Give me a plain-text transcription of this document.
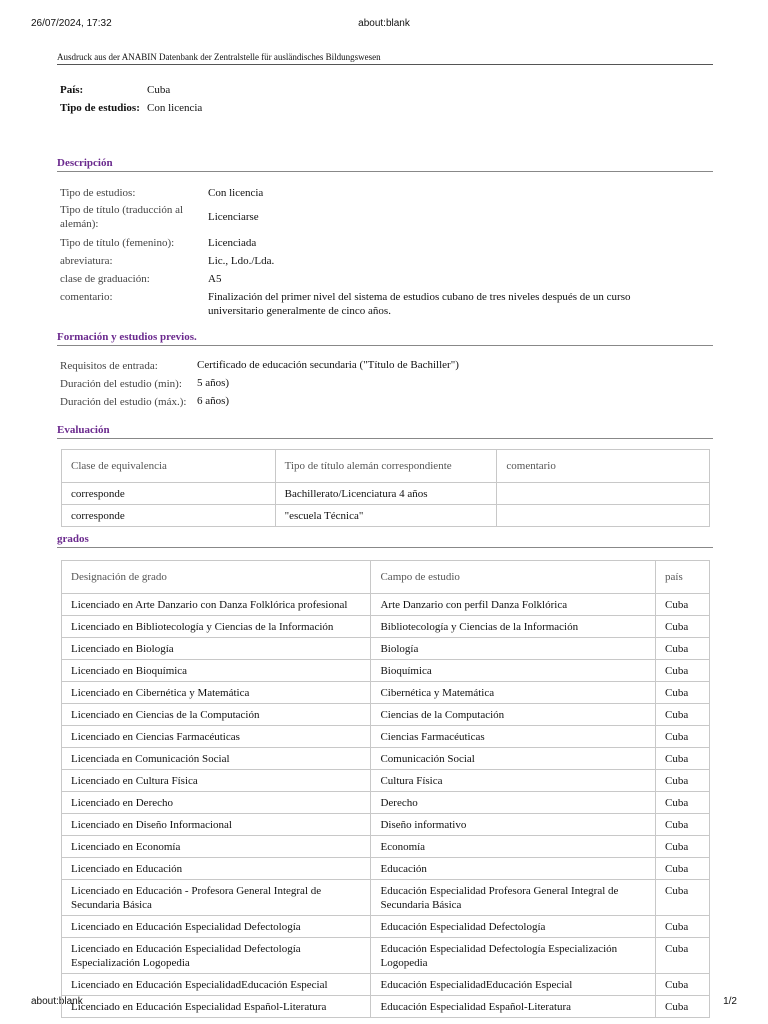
26/07/2024, 17:32	about:blank
about:blank	1/2
Ausdruck aus der ANABIN Datenbank der Zentralstelle für ausländisches Bildungswesen
País:	Cuba
Tipo de estudios: Con licencia
Descripción
Tipo de estudios:	Con licencia
Tipo de título (traducción al alemán):
Licenciarse
Tipo de título (femenino):	Licenciada
abreviatura:	Lic., Ldo./Lda.
clase de graduación:	A5
comentario:	Finalización del primer nivel del sistema de estudios cubano de tres niveles después de un curso universitario generalmente de cinco años.
Formación y estudios previos.
Requisitos de entrada:	Certificado de educación secundaria ("Título de Bachiller")
Duración del estudio (min): 5 años)
Duración del estudio (máx.): 6 años)
Evaluación
Clase de equivalencia	Tipo de título alemán correspondiente	comentario
corresponde	Bachillerato/Licenciatura 4 años	
corresponde	"escuela Técnica"	
grados
Designación de grado	Campo de estudio	país
Licenciado en Arte Danzario con Danza Folklórica profesional	Arte Danzario con perfil Danza Folklórica	Cuba
Licenciado en Bibliotecología y Ciencias de la Información	Bibliotecología y Ciencias de la Información	Cuba
Licenciado en Biología	Biología	Cuba
Licenciado en Bioquímica	Bioquímica	Cuba
Licenciado en Cibernética y Matemática	Cibernética y Matemática	Cuba
Licenciado en Ciencias de la Computación	Ciencias de la Computación	Cuba
Licenciado en Ciencias Farmacéuticas	Ciencias Farmacéuticas	Cuba
Licenciada en Comunicación Social	Comunicación Social	Cuba
Licenciado en Cultura Física	Cultura Física	Cuba
Licenciado en Derecho	Derecho	Cuba
Licenciado en Diseño Informacional	Diseño informativo	Cuba
Licenciado en Economía	Economía	Cuba
Licenciado en Educación	Educación	Cuba
Licenciado en Educación - Profesora General Integral de Secundaria Básica	Educación Especialidad Profesora General Integral de Secundaria Básica	Cuba
Licenciado en Educación Especialidad Defectología	Educación Especialidad Defectología	Cuba
Licenciado en Educación Especialidad Defectología Especialización Logopedia	Educación Especialidad Defectología Especialización Logopedia	Cuba
Licenciado en Educación EspecialidadEducación Especial	Educación EspecialidadEducación Especial	Cuba
Licenciado en Educación Especialidad Español-Literatura	Educación Especialidad Español-Literatura	Cuba
